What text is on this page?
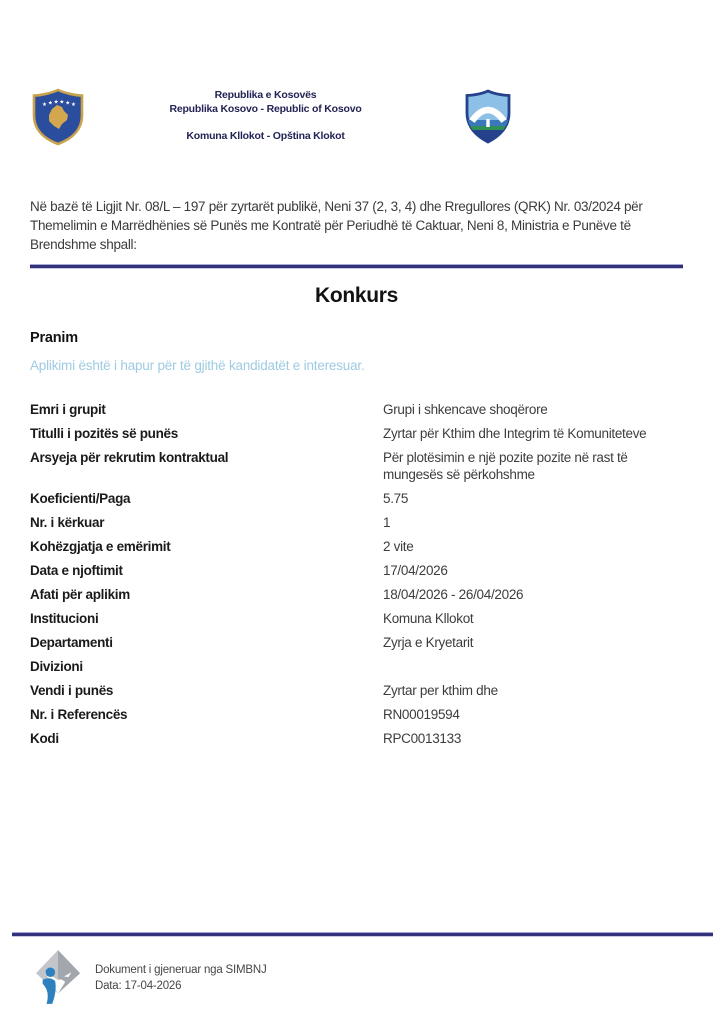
★ ★ ★ ★ ★ ★
Republika e Kosovës
Republika Kosovo - Republic of Kosovo
Komuna Kllokot - Opština Klokot

Në bazë të Ligjit Nr. 08/L – 197 për zyrtarët publikë, Neni 37 (2, 3, 4) dhe Rregullores (QRK) Nr. 03/2024 për Themelimin e Marrëdhënies së Punës me Kontratë për Periudhë të Caktuar, Neni 8, Ministria e Punëve të Brendshme shpall:

Konkurs
Pranim

Aplikimi është i hapur për të gjithë kandidatët e interesuar.

Emri i grupit	Grupi i shkencave shoqërore
Titulli i pozitës së punës	Zyrtar për Kthim dhe Integrim të Komuniteteve
Arsyeja për rekrutim kontraktual	Për plotësimin e një pozite pozite në rast të mungesës së përkohshme
Koeficienti/Paga	5.75
Nr. i kërkuar	1
Kohëzgjatja e emërimit	2 vite
Data e njoftimit	17/04/2026
Afati për aplikim	18/04/2026 - 26/04/2026
Institucioni	Komuna Kllokot
Departamenti	Zyrja e Kryetarit
Divizioni
Vendi i punës	Zyrtar per kthim dhe
Nr. i Referencës	RN00019594
Kodi	RPC0013133
Dokument i gjeneruar nga SIMBNJ
Data: 17-04-2026
